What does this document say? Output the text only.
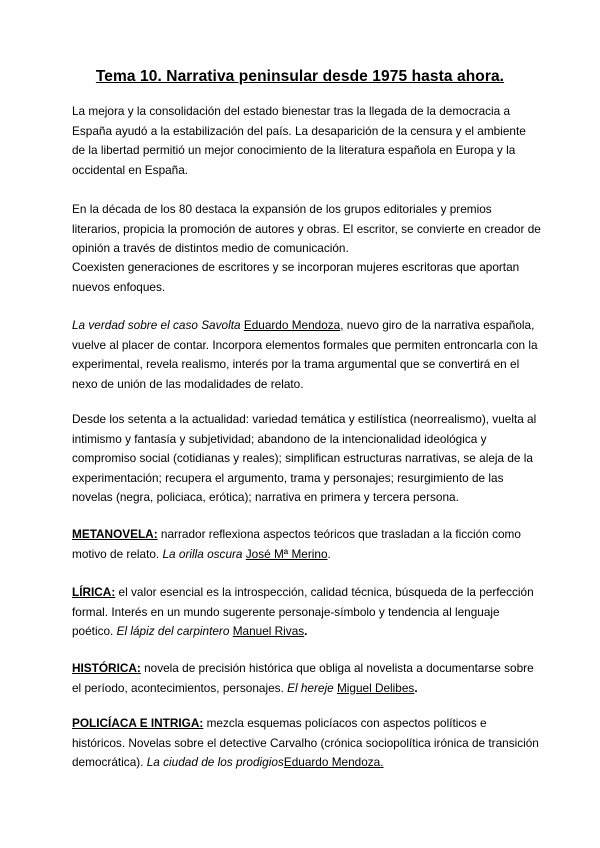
Tema 10. Narrativa peninsular desde 1975 hasta ahora.

La mejora y la consolidación del estado bienestar tras la llegada de la democracia a España ayudó a la estabilización del país. La desaparición de la censura y el ambiente de la libertad permitió un mejor conocimiento de la literatura española en Europa y la occidental en España.

En la década de los 80 destaca la expansión de los grupos editoriales y premios literarios, propicia la promoción de autores y obras. El escritor, se convierte en creador de opinión a través de distintos medio de comunicación.

Coexisten generaciones de escritores y se incorporan mujeres escritoras que aportan nuevos enfoques.

La verdad sobre el caso Savolta Eduardo Mendoza, nuevo giro de la narrativa española, vuelve al placer de contar. Incorpora elementos formales que permiten entroncarla con la experimental, revela realismo, interés por la trama argumental que se convertirá en el nexo de unión de las modalidades de relato.

Desde los setenta a la actualidad: variedad temática y estilística (neorrealismo), vuelta al intimismo y fantasía y subjetividad; abandono de la intencionalidad ideológica y compromiso social (cotidianas y reales); simplifican estructuras narrativas, se aleja de la experimentación; recupera el argumento, trama y personajes; resurgimiento de las novelas (negra, policiaca, erótica); narrativa en primera y tercera persona.

METANOVELA: narrador reflexiona aspectos teóricos que trasladan a la ficción como motivo de relato. La orilla oscura José Mª Merino.

LÍRICA: el valor esencial es la introspección, calidad técnica, búsqueda de la perfección formal. Interés en un mundo sugerente personaje-símbolo y tendencia al lenguaje poético. El lápiz del carpintero Manuel Rivas.

HISTÓRICA: novela de precisión histórica que obliga al novelista a documentarse sobre el período, acontecimientos, personajes. El hereje Miguel Delibes.

POLICÍACA E INTRIGA: mezcla esquemas policíacos con aspectos políticos e históricos. Novelas sobre el detective Carvalho (crónica sociopolítica irónica de transición democrática). La ciudad de los prodigiosEduardo Mendoza.
